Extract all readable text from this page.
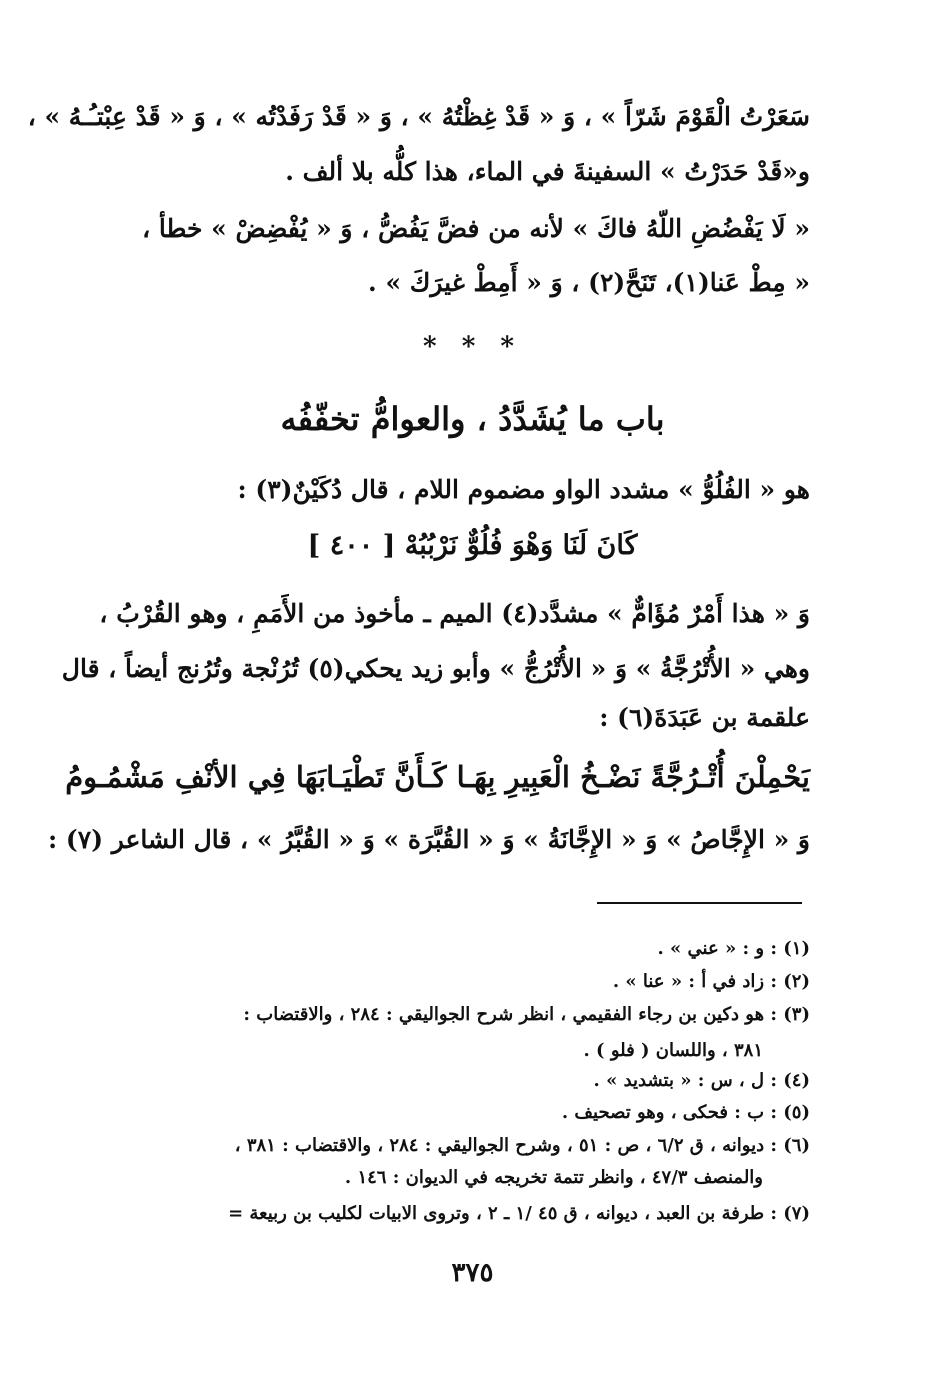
سَعَرْتُ الْقَوْمَ شَرّاً » ، وَ « قَدْ غِظْتُهُ » ، وَ « قَدْ رَفَدْتُه » ، وَ « قَدْ عِبْتـُـهُ » ،
و«قَدْ حَدَرْتُ » السفينةَ في الماء، هذا كلُّه بلا ألف .
« لَا يَفْضُضِ اللّهُ فاكَ » لأنه من فضَّ يَفُضُّ ، وَ « يُفْضِضْ » خطأ ،
« مِطْ عَنا(١)، تَنَحَّ(٢) ، وَ « أَمِطْ غيرَكَ » .
* * *
باب ما يُشَدَّدُ ، والعوامُّ تخفّفُه
هو « الفُلُوُّ » مشدد الواو مضموم اللام ، قال دُكَيْنٌ(٣) :
كَانَ لَنَا وَهْوَ فُلُوٌّ نَرْبُبُهْ [ ٤٠٠ ]
وَ « هذا أَمْرٌ مُؤَامٌّ » مشدَّد(٤) الميم ـ مأخوذ من الأَمَمِ ، وهو القُرْبُ ،
وهي « الأُتْرُجَّةُ » وَ « الأُتْرُجُّ » وأبو زيد يحكي(٥) تُرُنْجة وتُرُنج أيضاً ، قال
علقمة بن عَبَدَةَ(٦) :
يَحْمِلْنَ أُتْـرُجَّةً نَضْـخُ الْعَبِيرِ بِهَـا كَـأَنَّ تَطْيَـابَهَا فِي الأنْفِ مَشْمُـومُ
وَ « الإِجَّاصُ » وَ « الإِجَّانَةُ » وَ « القُبَّرَة » وَ « القُبَّرُ » ، قال الشاعر (٧) :
(١) : و : « عني » .
(٢) : زاد في أ : « عنا » .
(٣) : هو دكين بن رجاء الفقيمي ، انظر شرح الجواليقي : ٢٨٤ ، والاقتضاب :
٣٨١ ، واللسان ( فلو ) .
(٤) : ل ، س : « بتشديد » .
(٥) : ب : فحكى ، وهو تصحيف .
(٦) : ديوانه ، ق ٦/٢ ، ص : ٥١ ، وشرح الجواليقي : ٢٨٤ ، والاقتضاب : ٣٨١ ،
والمنصف ٤٧/٣ ، وانظر تتمة تخريجه في الديوان : ١٤٦ .
(٧) : طرفة بن العبد ، ديوانه ، ق ٤٥ /١ ـ ٢ ، وتروى الابيات لكليب بن ربيعة =
٣٧٥
